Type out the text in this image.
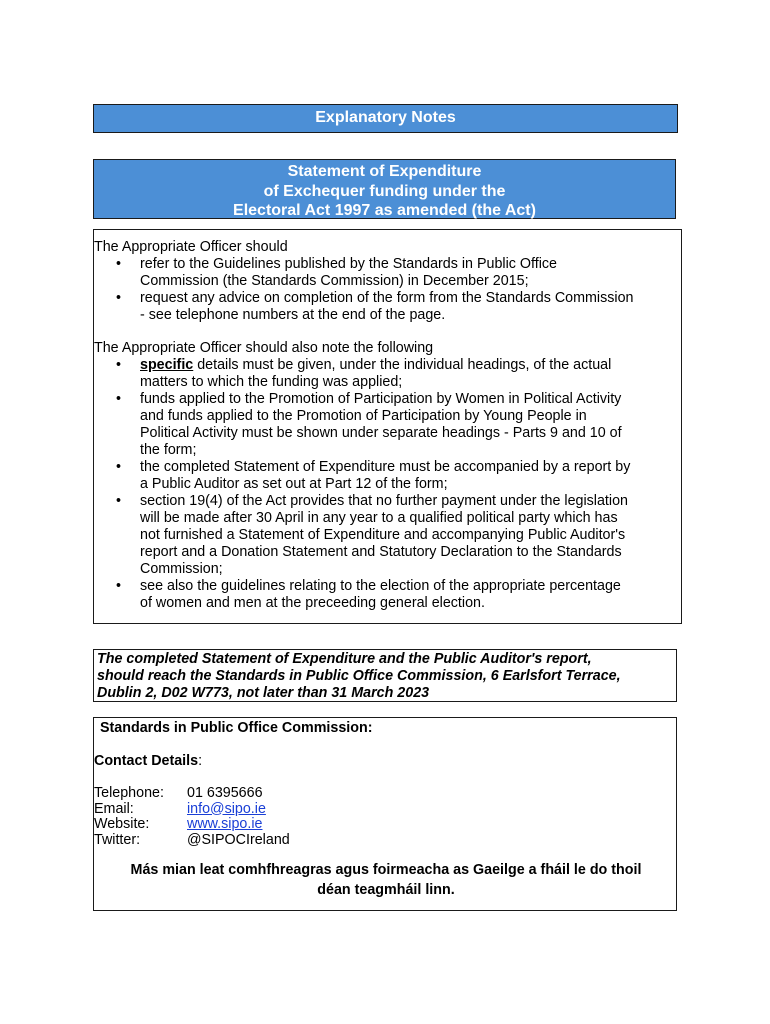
Explanatory Notes
Statement of Expenditure
of Exchequer funding under the
Electoral Act 1997 as amended (the Act)

The Appropriate Officer should

• refer to the Guidelines published by the Standards in Public Office
Commission (the Standards Commission) in December 2015;
• request any advice on completion of the form from the Standards Commission
- see telephone numbers at the end of the page.

The Appropriate Officer should also note the following

• specific details must be given, under the individual headings, of the actual
matters to which the funding was applied;
• funds applied to the Promotion of Participation by Women in Political Activity
and funds applied to the Promotion of Participation by Young People in
Political Activity must be shown under separate headings - Parts 9 and 10 of
the form;
• the completed Statement of Expenditure must be accompanied by a report by
a Public Auditor as set out at Part 12 of the form;
• section 19(4) of the Act provides that no further payment under the legislation
will be made after 30 April in any year to a qualified political party which has
not furnished a Statement of Expenditure and accompanying Public Auditor's
report and a Donation Statement and Statutory Declaration to the Standards
Commission;
• see also the guidelines relating to the election of the appropriate percentage
of women and men at the preceeding general election.
The completed Statement of Expenditure and the Public Auditor's report,
should reach the Standards in Public Office Commission, 6 Earlsfort Terrace,
Dublin 2, D02 W773, not later than 31 March 2023
Standards in Public Office Commission:
Contact Details:
Telephone: 01 6395666
Email:	info@sipo.ie
Website:	www.sipo.ie
Twitter:	@SIPOCIreland
Más mian leat comhfhreagras agus foirmeacha as Gaeilge a fháil le do thoil
déan teagmháil linn.
